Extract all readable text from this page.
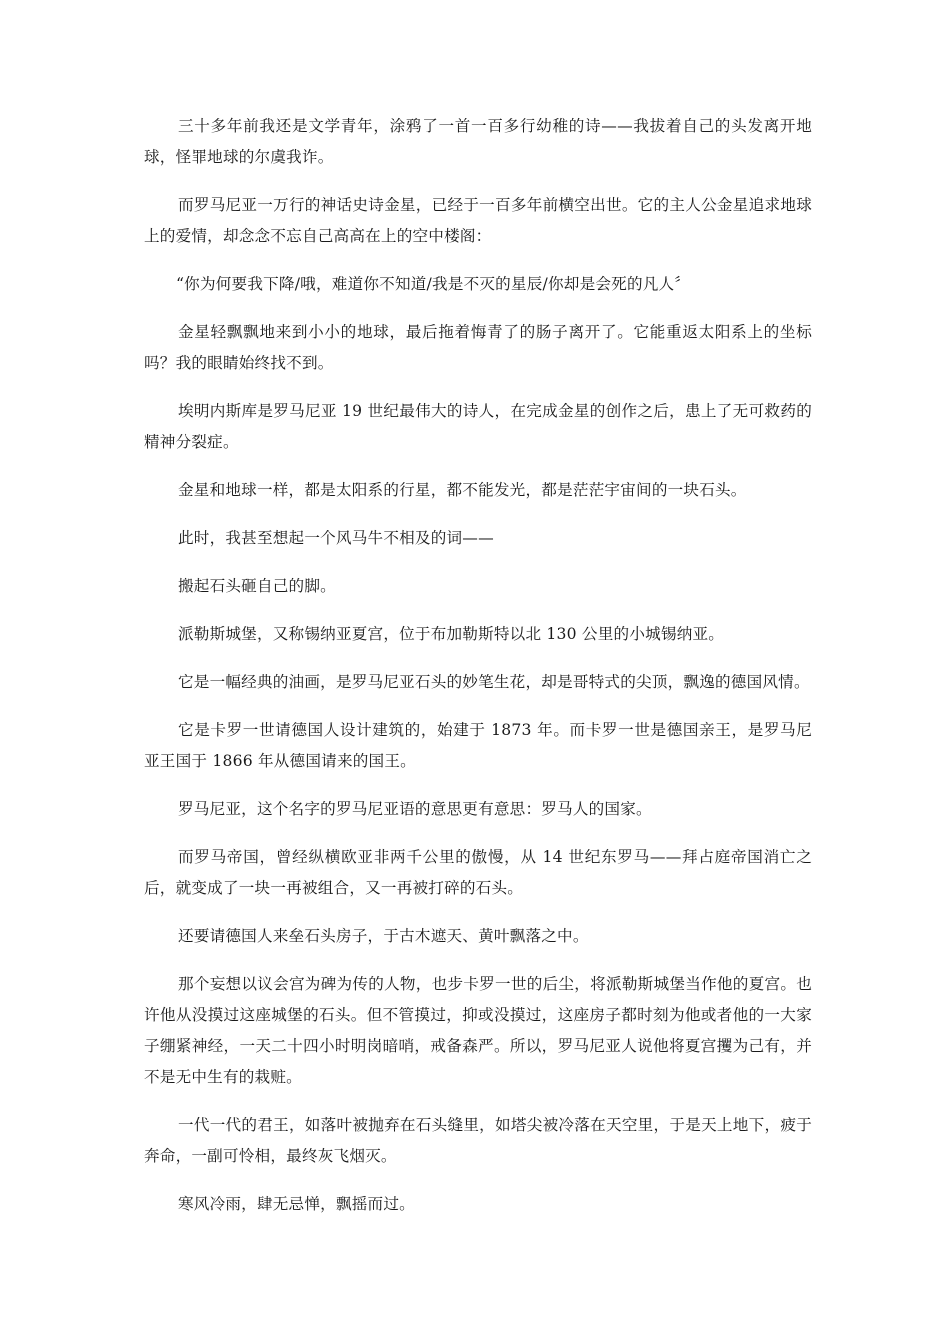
三十多年前我还是文学青年，涂鸦了一首一百多行幼稚的诗——我拔着自己的头发离开地球，怪罪地球的尔虞我诈。

而罗马尼亚一万行的神话史诗金星，已经于一百多年前横空出世。它的主人公金星追求地球上的爱情，却念念不忘自己高高在上的空中楼阁：

“你为何要我下降/哦，难道你不知道/我是不灭的星辰/你却是会死的凡人〞

金星轻飘飘地来到小小的地球，最后拖着悔青了的肠子离开了。它能重返太阳系上的坐标吗？我的眼睛始终找不到。

埃明内斯库是罗马尼亚 19 世纪最伟大的诗人，在完成金星的创作之后，患上了无可救药的精神分裂症。

金星和地球一样，都是太阳系的行星，都不能发光，都是茫茫宇宙间的一块石头。

此时，我甚至想起一个风马牛不相及的词——

搬起石头砸自己的脚。

派勒斯城堡，又称锡纳亚夏宫，位于布加勒斯特以北 130 公里的小城锡纳亚。

它是一幅经典的油画，是罗马尼亚石头的妙笔生花，却是哥特式的尖顶，飘逸的德国风情。

它是卡罗一世请德国人设计建筑的，始建于 1873 年。而卡罗一世是德国亲王，是罗马尼亚王国于 1866 年从德国请来的国王。

罗马尼亚，这个名字的罗马尼亚语的意思更有意思：罗马人的国家。

而罗马帝国，曾经纵横欧亚非两千公里的傲慢，从 14 世纪东罗马——拜占庭帝国消亡之后，就变成了一块一再被组合，又一再被打碎的石头。

还要请德国人来垒石头房子，于古木遮天、黄叶飘落之中。

那个妄想以议会宫为碑为传的人物，也步卡罗一世的后尘，将派勒斯城堡当作他的夏宫。也许他从没摸过这座城堡的石头。但不管摸过，抑或没摸过，这座房子都时刻为他或者他的一大家子绷紧神经，一天二十四小时明岗暗哨，戒备森严。所以，罗马尼亚人说他将夏宫攫为己有，并不是无中生有的栽赃。

一代一代的君王，如落叶被抛弃在石头缝里，如塔尖被冷落在天空里，于是天上地下，疲于奔命，一副可怜相，最终灰飞烟灭。

寒风冷雨，肆无忌惮，飘摇而过。
